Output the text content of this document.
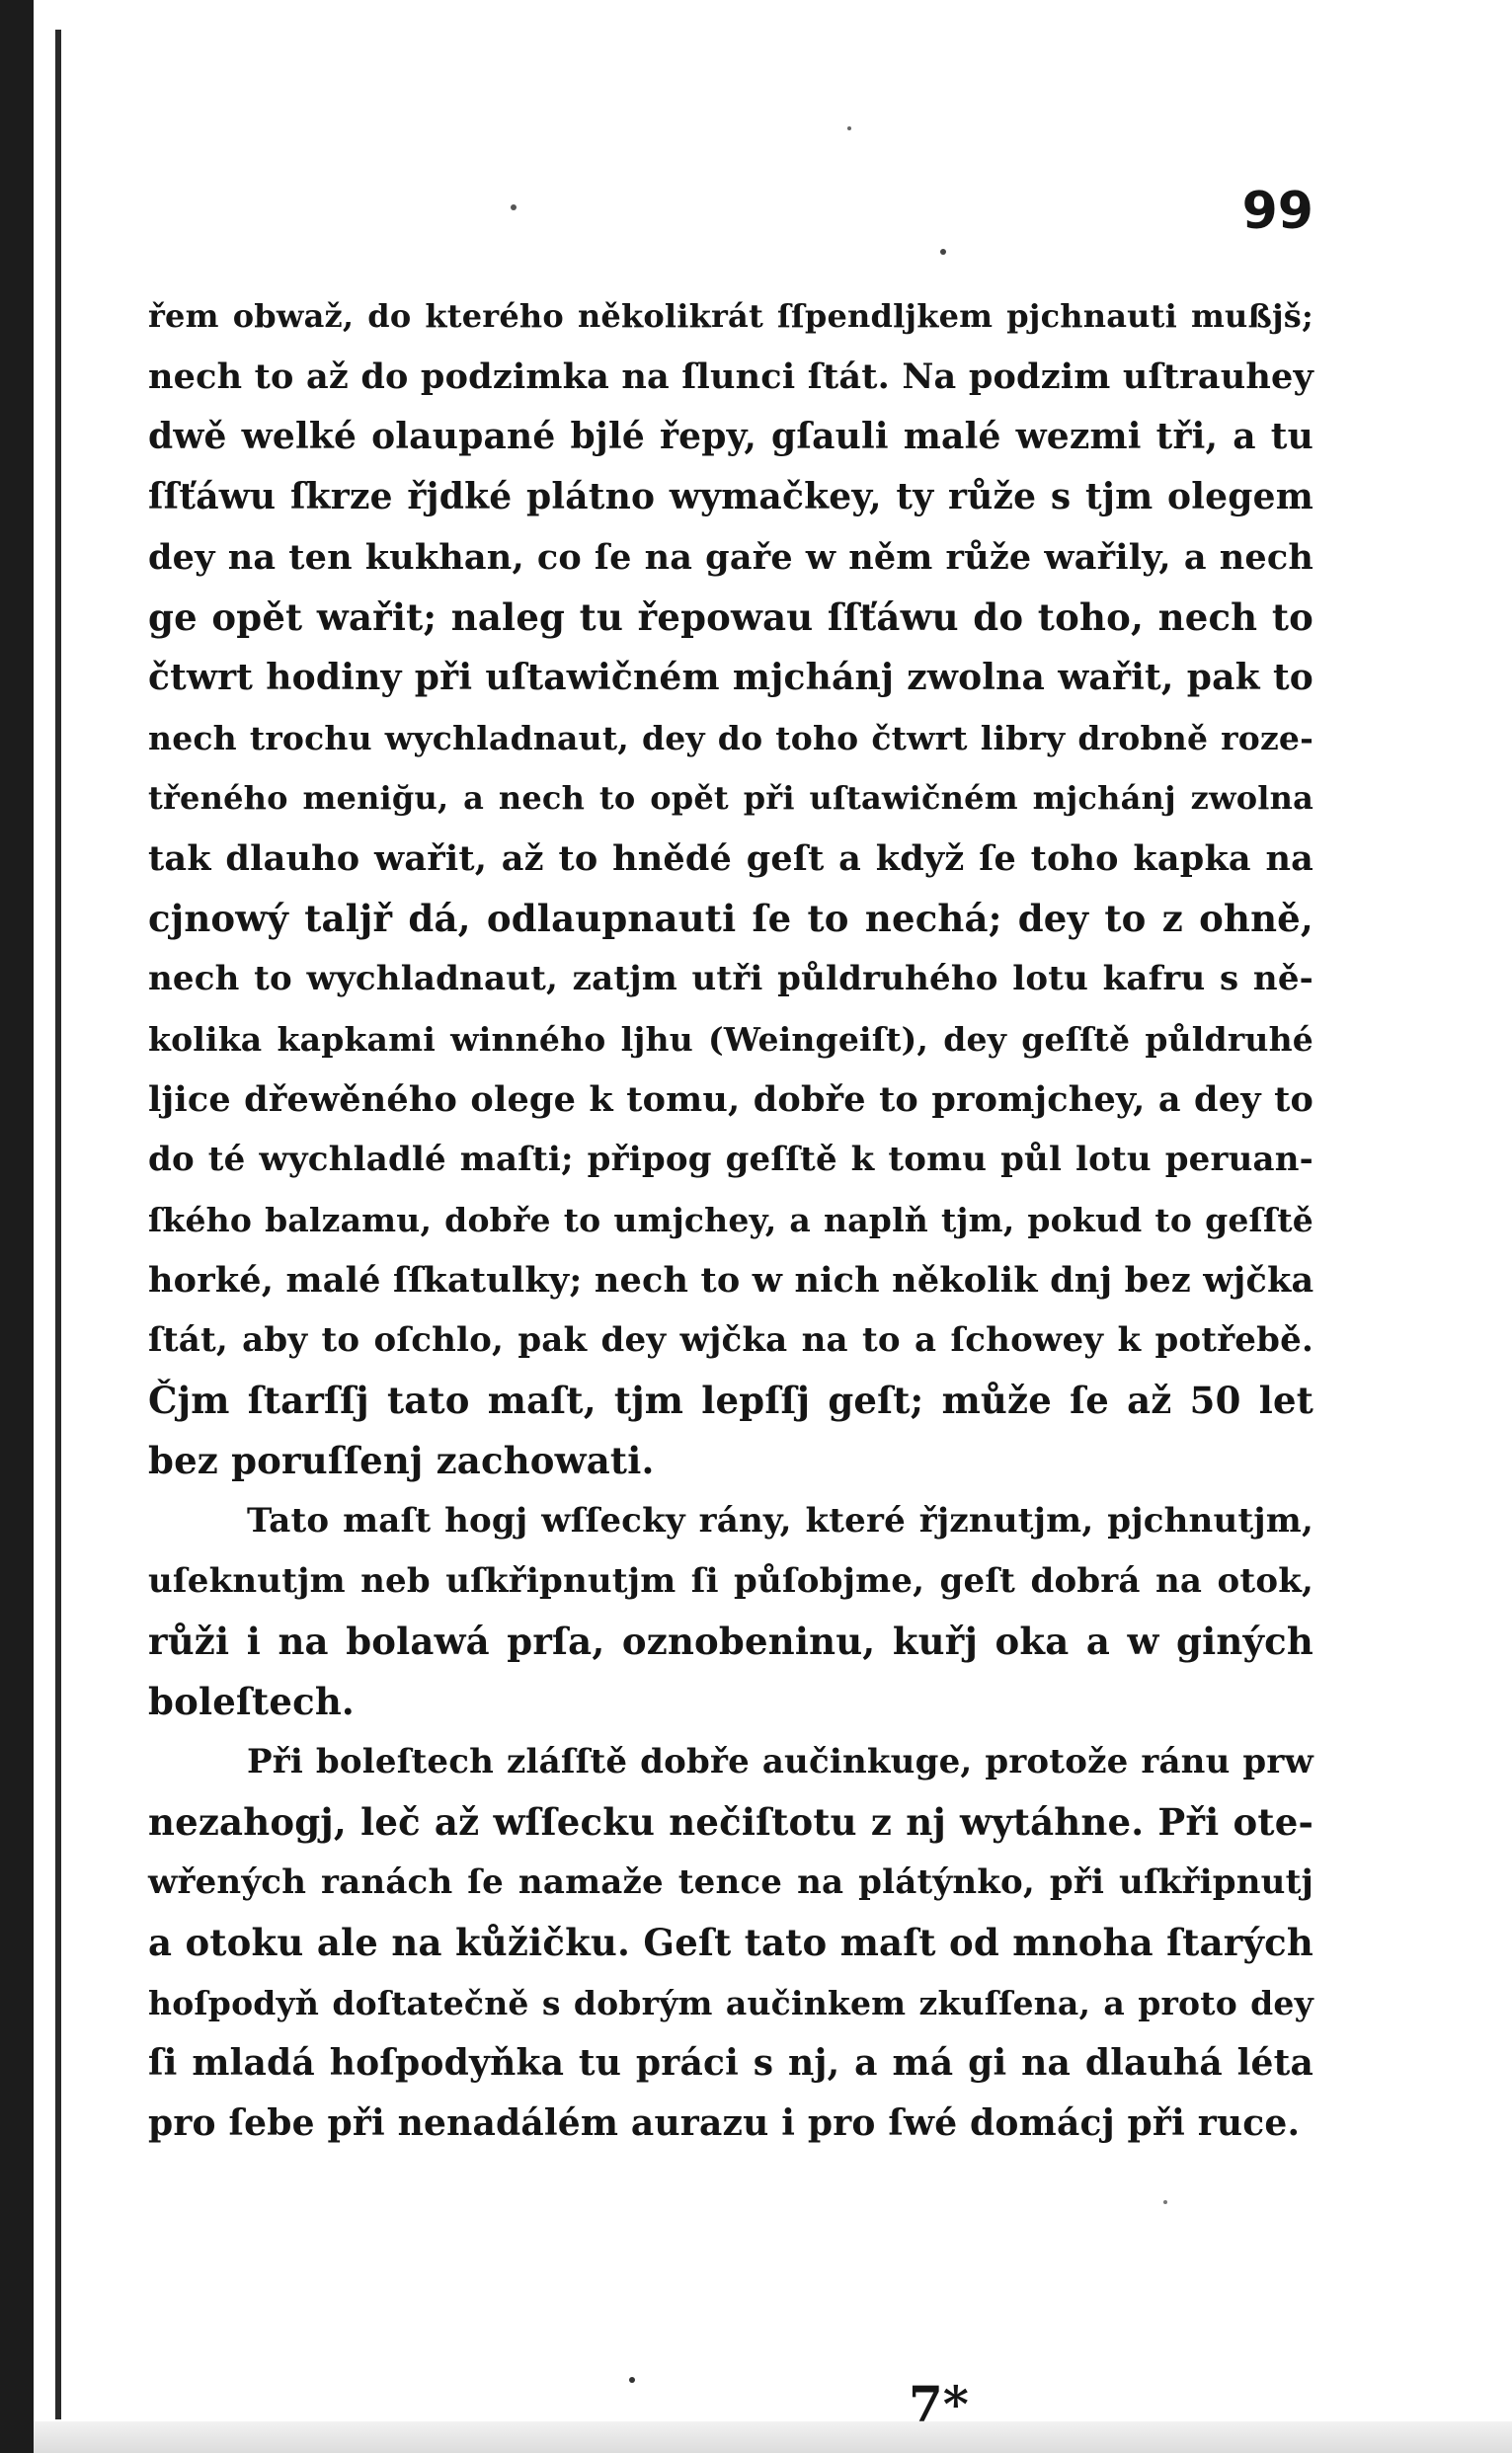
99
řem obwaž, do kterého několikrát ſſpendljkem pjchnauti mußjš;
nech to až do podzimka na ſlunci ſtát. Na podzim uſtrauhey
dwě welké olaupané bjlé řepy, gſauli malé wezmi tři, a tu
ſſťáwu ſkrze řjdké plátno wymačkey, ty růže s tjm olegem
dey na ten kukhan, co ſe na gaře w něm růže wařily, a nech
ge opět wařit; naleg tu řepowau ſſťáwu do toho, nech to
čtwrt hodiny při uſtawičném mjchánj zwolna wařit, pak to
nech trochu wychladnaut, dey do toho čtwrt libry drobně roze-
třeného meniğu, a nech to opět při uſtawičném mjchánj zwolna
tak dlauho wařit, až to hnědé geſt a když ſe toho kapka na
cjnowý talјř dá, odlaupnauti ſe to nechá; dey to z ohně,
nech to wychladnaut, zatjm utři půldruhého lotu kafru s ně-
kolika kapkami winného ljhu (Weingeiſt), dey geſſtě půldruhé
ljice dřewěného olege k tomu, dobře to promjchey, a dey to
do té wychladlé maſti; připog geſſtě k tomu půl lotu peruan-
ſkého balzamu, dobře to umjchey, a naplň tjm, pokud to geſſtě
horké, malé ſſkatulky; nech to w nich několik dnj bez wjčka
ſtát, aby to oſchlo, pak dey wjčka na to a ſchowey k potřebě.
Čjm ſtarſſj tato maſt, tjm lepſſj geſt; může ſe až 50 let
bez poruſſenj zachowati.
Tato maſt hogj wſſecky rány, které řjznutjm, pjchnutjm,
uſeknutjm neb uſkřipnutjm ſi půſobjme, geſt dobrá na otok,
růži i na bolawá prſa, oznobeninu, kuřj oka a w giných
boleſtech.
Při boleſtech zláſſtě dobře aučinkuge, protože ránu prw
nezahogj, leč až wſſecku nečiſtotu z nj wytáhne. Při ote-
wřených ranách ſe namaže tence na plátýnko, při uſkřipnutj
a otoku ale na kůžičku. Geſt tato maſt od mnoha ſtarých
hoſpodyň doſtatečně s dobrým aučinkem zkuſſena, a proto dey
ſi mladá hoſpodyňka tu práci s nj, a má gi na dlauhá léta
pro ſebe při nenadálém aurazu i pro ſwé domácj při ruce.
7*
